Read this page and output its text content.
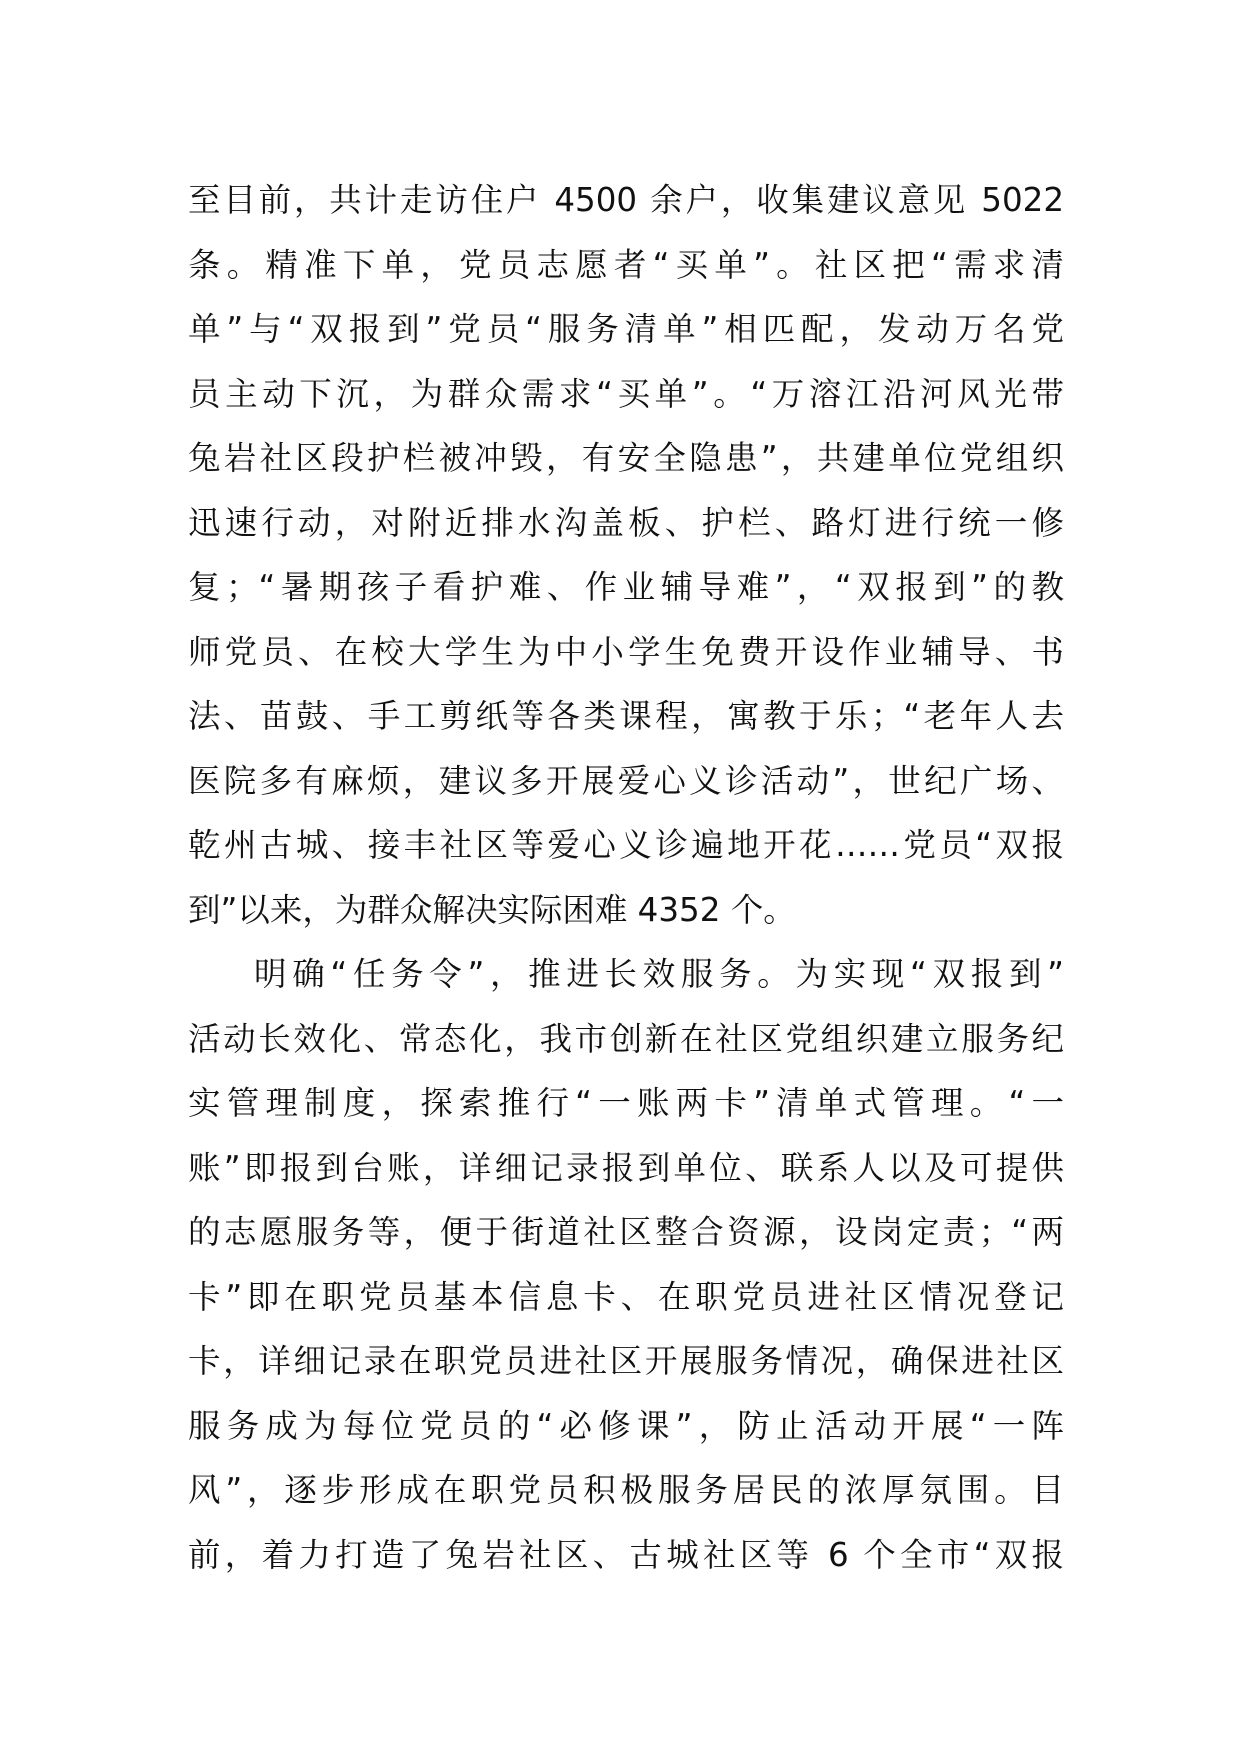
至目前，共计走访住户 4500 余户，收集建议意见 5022
条。精准下单，党员志愿者“买单”。社区把“需求清
单”与“双报到”党员“服务清单”相匹配，发动万名党
员主动下沉，为群众需求“买单”。“万溶江沿河风光带
兔岩社区段护栏被冲毁，有安全隐患”，共建单位党组织
迅速行动，对附近排水沟盖板、护栏、路灯进行统一修
复；“暑期孩子看护难、作业辅导难”，“双报到”的教
师党员、在校大学生为中小学生免费开设作业辅导、书
法、苗鼓、手工剪纸等各类课程，寓教于乐；“老年人去
医院多有麻烦，建议多开展爱心义诊活动”，世纪广场、
乾州古城、接丰社区等爱心义诊遍地开花……党员“双报
到”以来，为群众解决实际困难 4352 个。
明确“任务令”，推进长效服务。为实现“双报到”
活动长效化、常态化，我市创新在社区党组织建立服务纪
实管理制度，探索推行“一账两卡”清单式管理。“一
账”即报到台账，详细记录报到单位、联系人以及可提供
的志愿服务等，便于街道社区整合资源，设岗定责；“两
卡”即在职党员基本信息卡、在职党员进社区情况登记
卡，详细记录在职党员进社区开展服务情况，确保进社区
服务成为每位党员的“必修课”，防止活动开展“一阵
风”，逐步形成在职党员积极服务居民的浓厚氛围。目
前，着力打造了兔岩社区、古城社区等 6 个全市“双报
